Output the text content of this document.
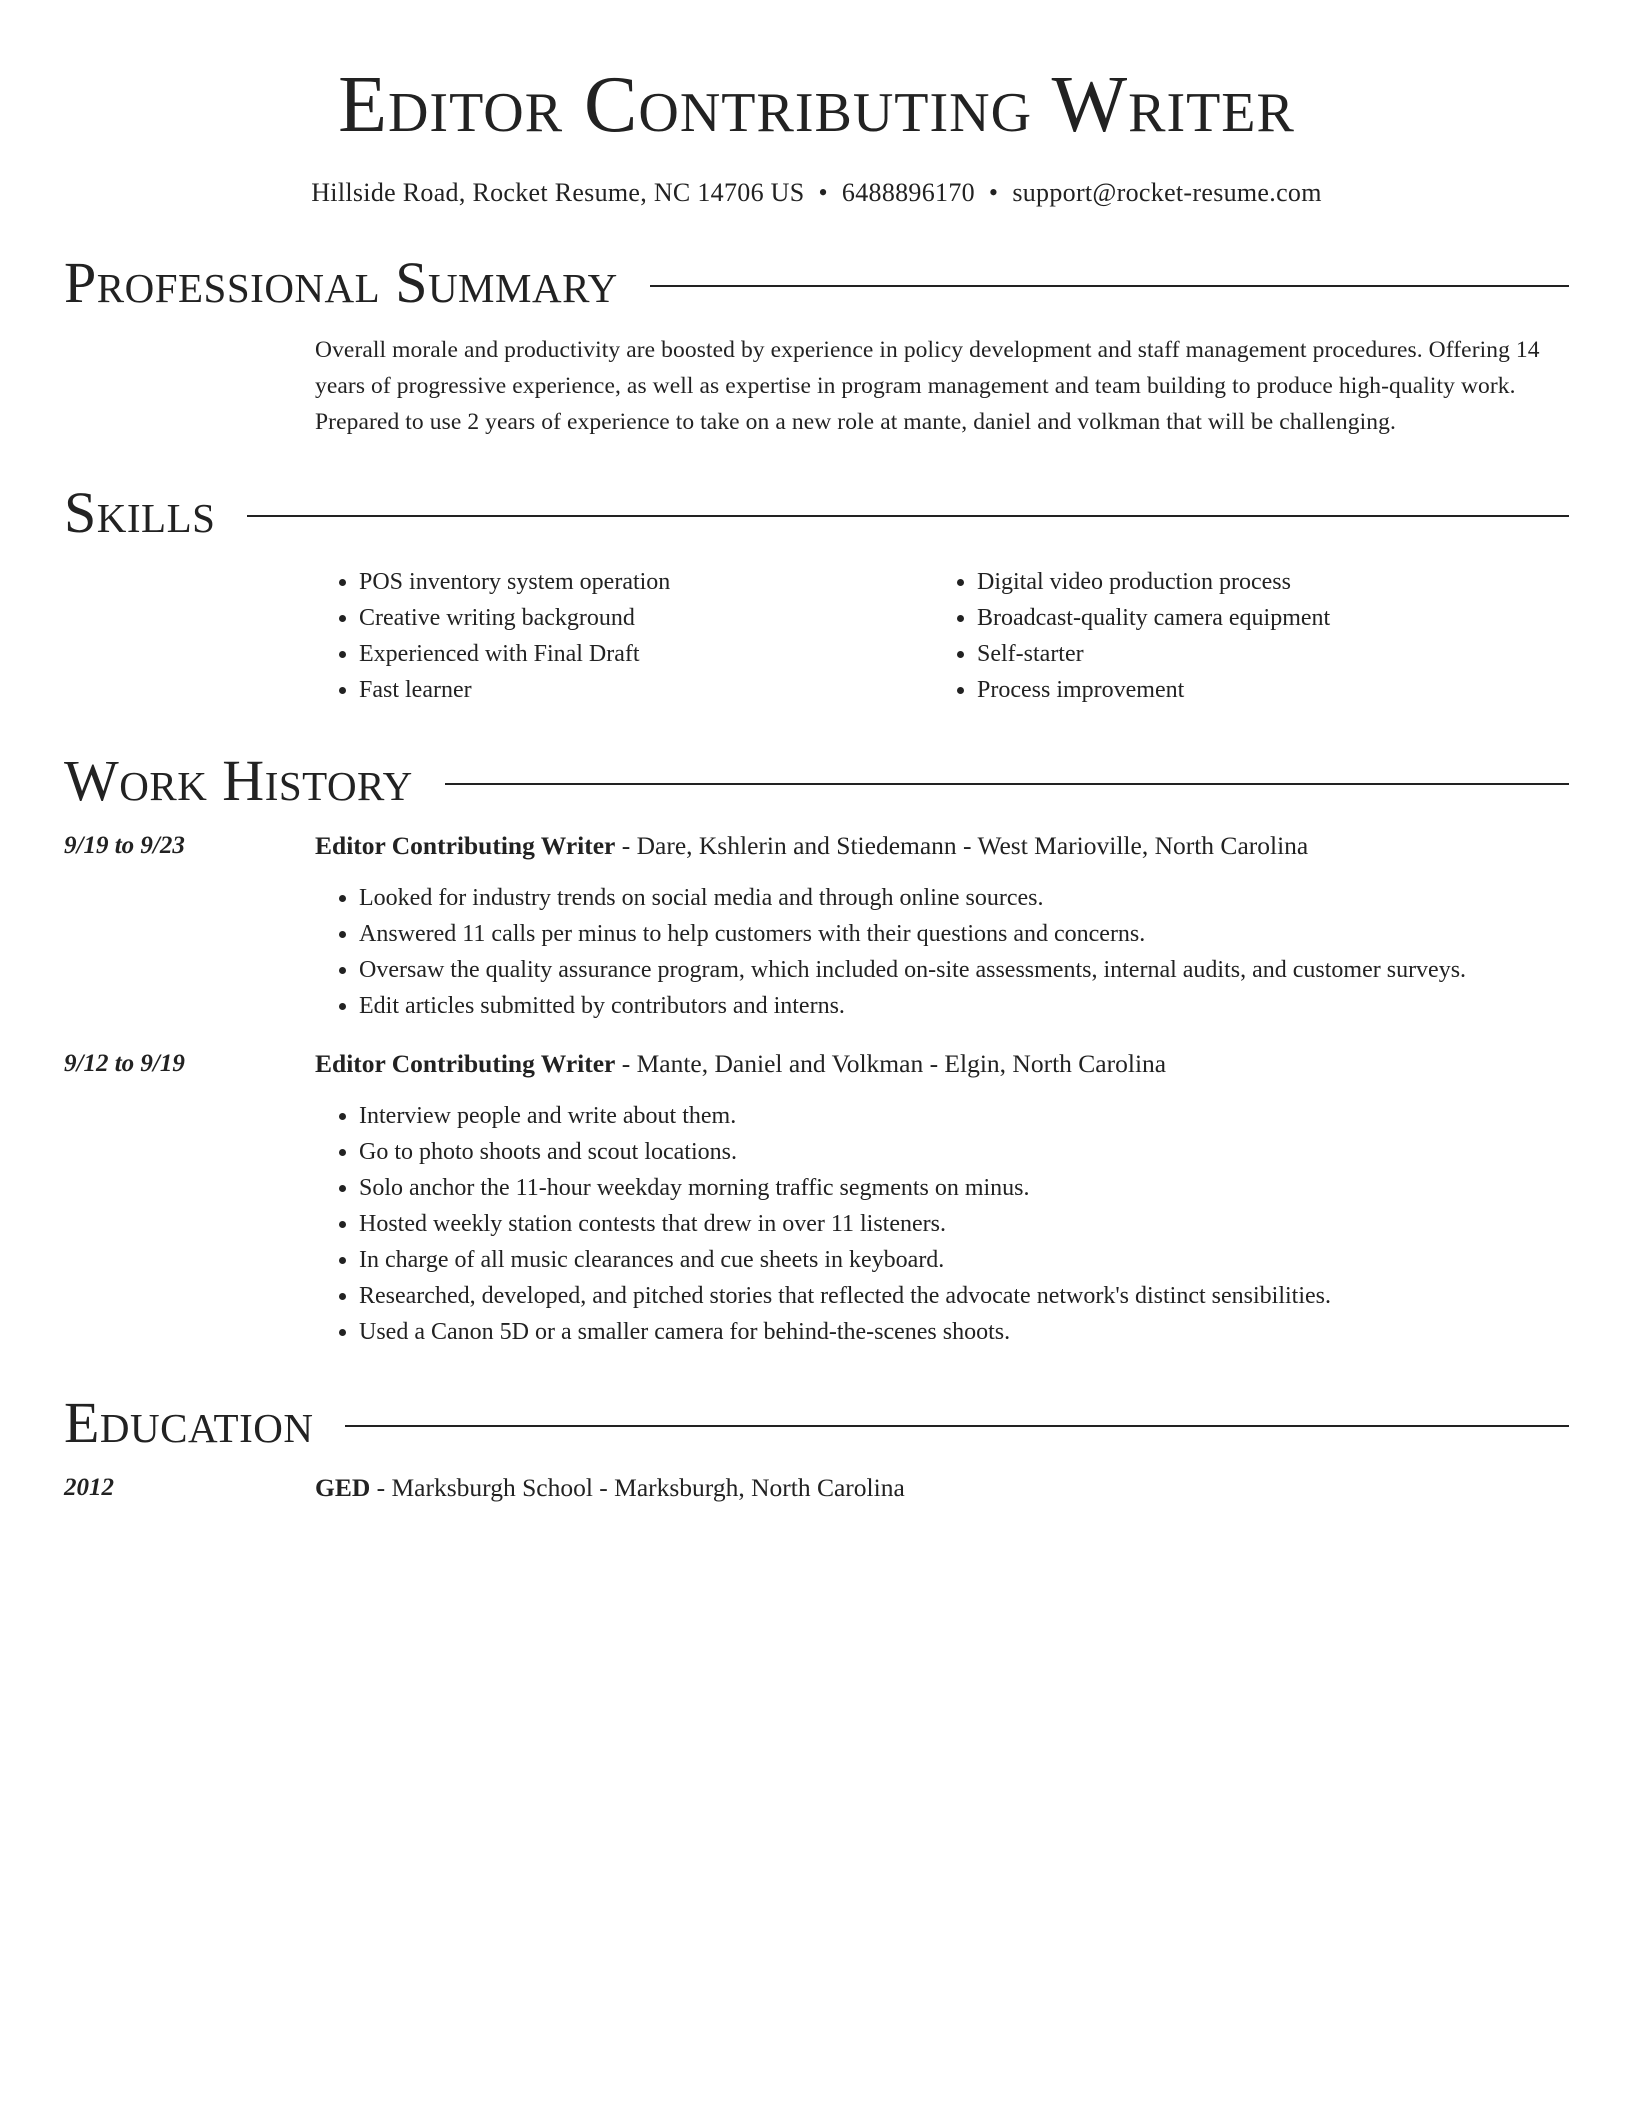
Editor Contributing Writer
Hillside Road, Rocket Resume, NC 14706 US • 6488896170 • support@rocket-resume.com
Professional Summary
Overall morale and productivity are boosted by experience in policy development and staff management procedures. Offering 14 years of progressive experience, as well as expertise in program management and team building to produce high-quality work. Prepared to use 2 years of experience to take on a new role at mante, daniel and volkman that will be challenging.
Skills
• POS inventory system operation
• Creative writing background
• Experienced with Final Draft
• Fast learner
• Digital video production process
• Broadcast-quality camera equipment
• Self-starter
• Process improvement
Work History
9/19 to 9/23	Editor Contributing Writer - Dare, Kshlerin and Stiedemann - West Marioville, North Carolina
• Looked for industry trends on social media and through online sources.
• Answered 11 calls per minus to help customers with their questions and concerns.
• Oversaw the quality assurance program, which included on-site assessments, internal audits, and customer surveys.
• Edit articles submitted by contributors and interns.
9/12 to 9/19	Editor Contributing Writer - Mante, Daniel and Volkman - Elgin, North Carolina
• Interview people and write about them.
• Go to photo shoots and scout locations.
• Solo anchor the 11-hour weekday morning traffic segments on minus.
• Hosted weekly station contests that drew in over 11 listeners.
• In charge of all music clearances and cue sheets in keyboard.
• Researched, developed, and pitched stories that reflected the advocate network's distinct sensibilities.
• Used a Canon 5D or a smaller camera for behind-the-scenes shoots.
Education
2012	GED - Marksburgh School - Marksburgh, North Carolina
